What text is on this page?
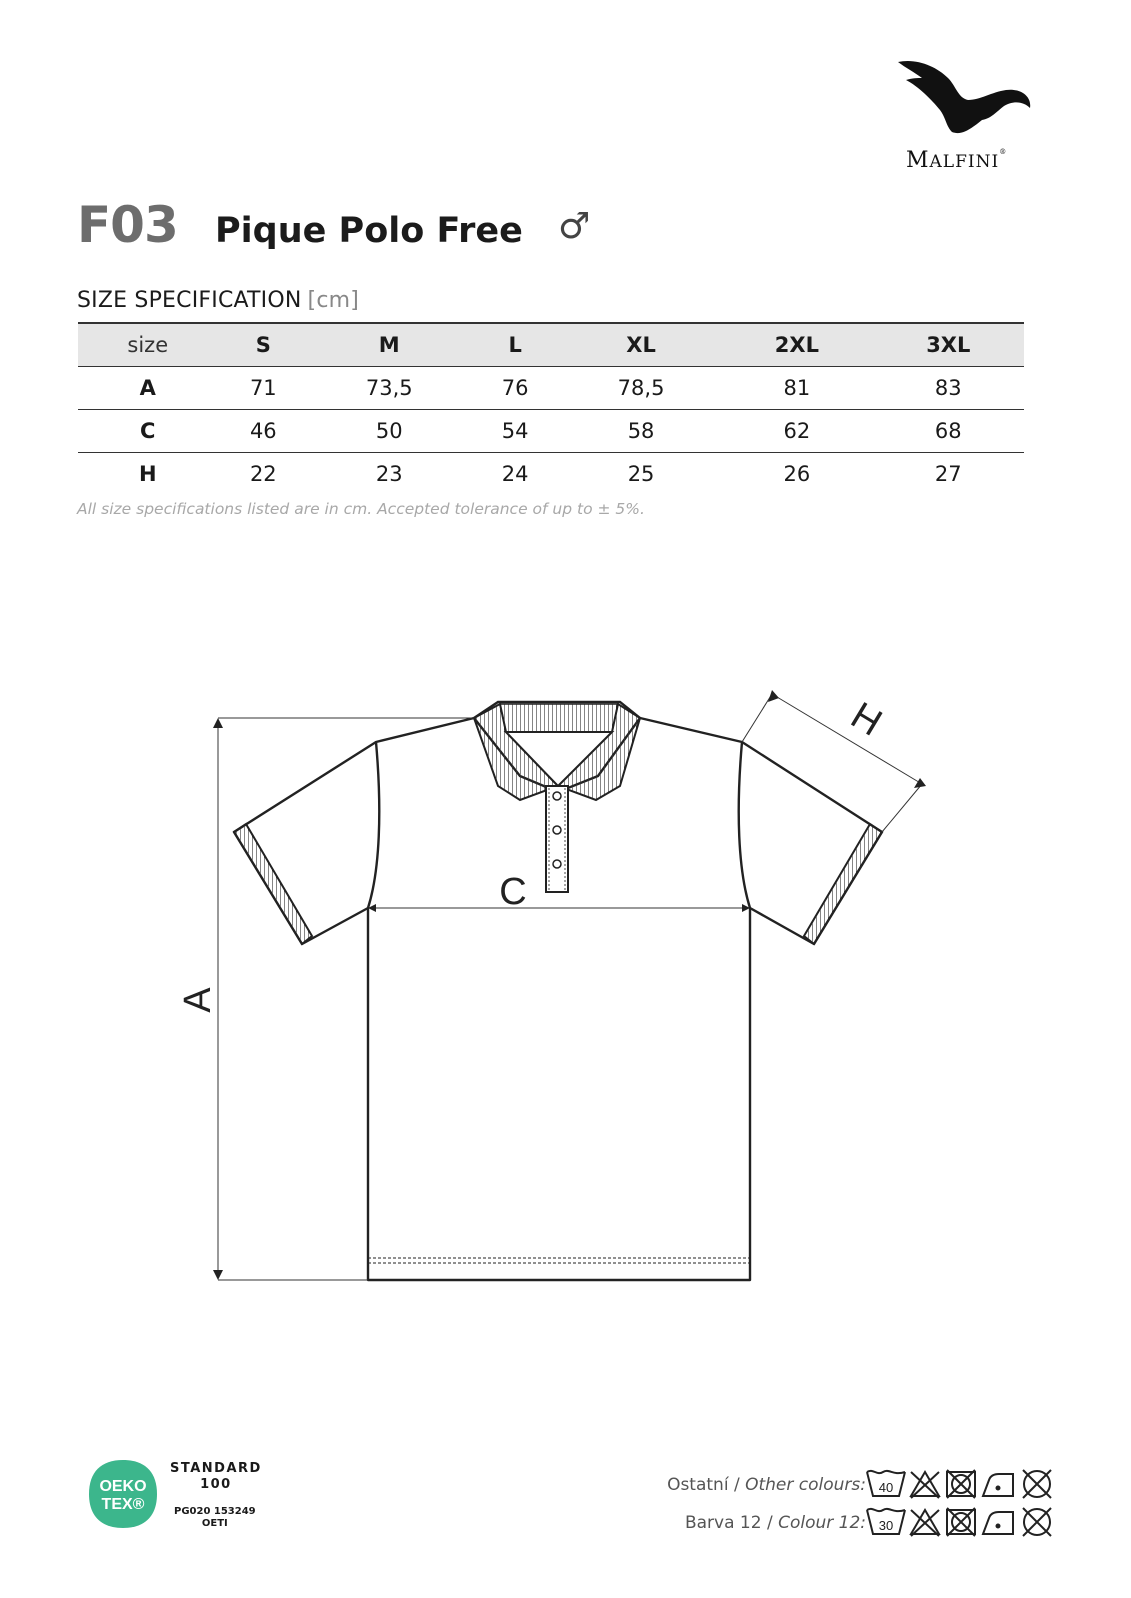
MALFINI®
F03 Pique Polo Free ♂
SIZE SPECIFICATION [cm]
size	S	M	L	XL	2XL	3XL
A	71	73,5	76	78,5	81	83
C	46	50	54	58	62	68
H	22	23	24	25	26	27
All size specifications listed are in cm. Accepted tolerance of up to ± 5%.
A
C
H
OEKO
TEX®
STANDARD
100
PG020 153249
OETI
Ostatní / Other colours:
Barva 12 / Colour 12:
40
30
